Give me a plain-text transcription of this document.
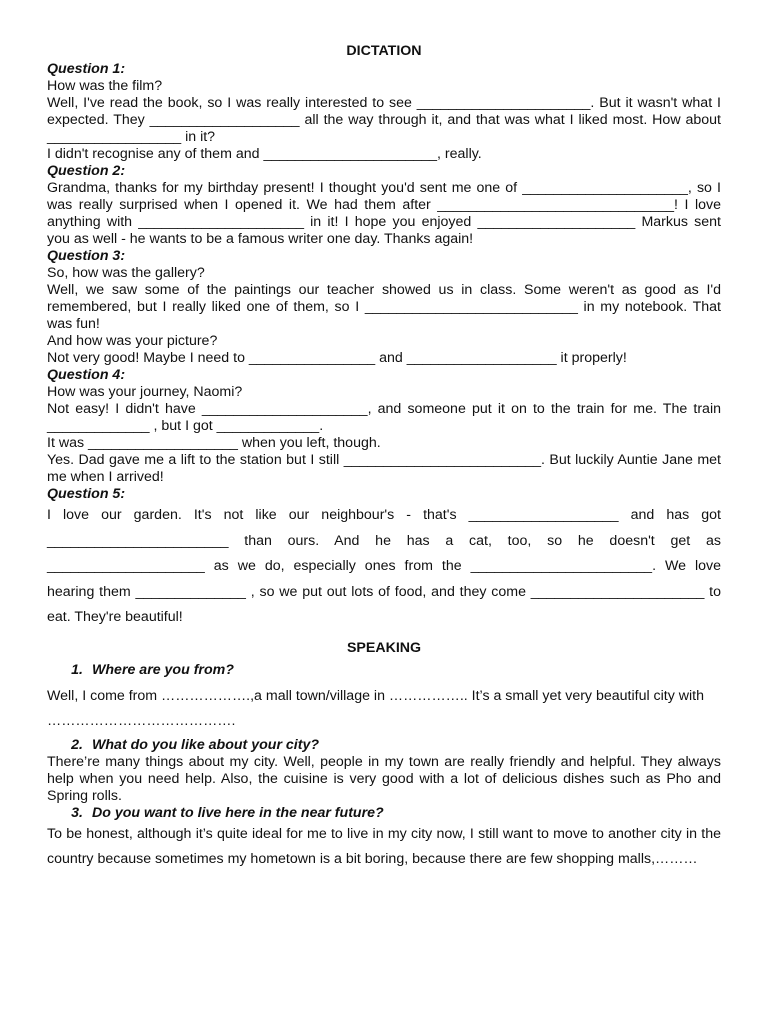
DICTATION
Question 1:

How was the film?

Well, I've read the book, so I was really interested to see ______________________. But it wasn't what I expected. They ___________________ all the way through it, and that was what I liked most. How about _________________ in it?

I didn't recognise any of them and ______________________, really.

Question 2:

Grandma, thanks for my birthday present! I thought you'd sent me one of _____________________, so I was really surprised when I opened it. We had them after ______________________________! I love anything with _____________________ in it! I hope you enjoyed ____________________ Markus sent you as well - he wants to be a famous writer one day. Thanks again!

Question 3:

So, how was the gallery?

Well, we saw some of the paintings our teacher showed us in class. Some weren't as good as I'd remembered, but I really liked one of them, so I ___________________________ in my notebook. That was fun!

And how was your picture?

Not very good! Maybe I need to ________________ and ___________________ it properly!

Question 4:

How was your journey, Naomi?

Not easy! I didn't have _____________________, and someone put it on to the train for me. The train _____________ , but I got _____________.

It was ___________________ when you left, though.

Yes. Dad gave me a lift to the station but I still _________________________. But luckily Auntie Jane met me when I arrived!

Question 5:

I love our garden. It's not like our neighbour's - that's ___________________ and has got _______________________ than ours. And he has a cat, too, so he doesn't get as ____________________ as we do, especially ones from the _______________________. We love hearing them ______________ , so we put out lots of food, and they come ______________________ to eat. They're beautiful!

SPEAKING
1. Where are you from?

Well, I come from ……………….,a mall town/village in …………….. It’s a small yet very beautiful city with ………………………………….

2. What do you like about your city?

There’re many things about my city. Well, people in my town are really friendly and helpful. They always help when you need help. Also, the cuisine is very good with a lot of delicious dishes such as Pho and Spring rolls.

3. Do you want to live here in the near future?

To be honest, although it’s quite ideal for me to live in my city now, I still want to move to another city in the country because sometimes my hometown is a bit boring, because there are few shopping malls,………
